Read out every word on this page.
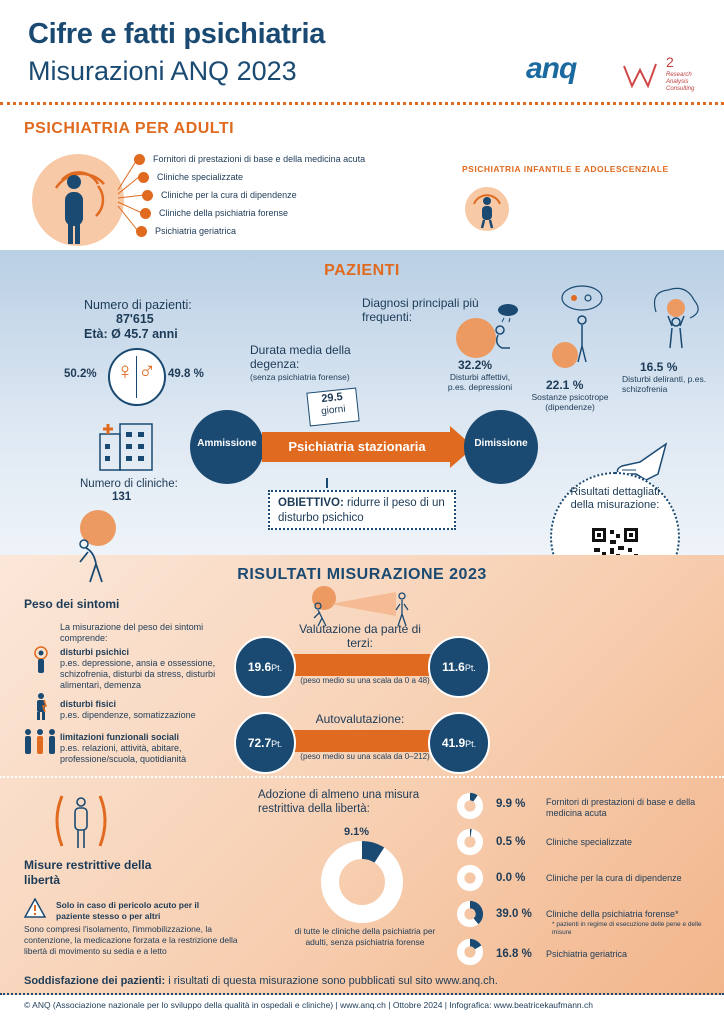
Cifre e fatti psichiatria
Misurazioni ANQ 2023	anq	2
Research Analysis Consulting
PSICHIATRIA PER ADULTI
Fornitori di prestazioni di base e della medicina acuta
Cliniche specializzate
Cliniche per la cura di dipendenze
Cliniche della psichiatria forense
Psichiatria geriatrica
PSICHIATRIA INFANTILE E ADOLESCENZIALE
PAZIENTI
Numero di pazienti:
87'615
Età: Ø 45.7 anni
♀ ♂
50.2%	49.8 %
Durata media della degenza:
(senza psichiatria forense)
29.5
giorni
Diagnosi principali più frequenti:
32.2%
Disturbi affettivi, p.es. depressioni	22.1 %
Sostanze psicotrope (dipendenze)
16.5 %
Disturbi deliranti, p.es. schizofrenia
Ammissione	Psichiatria stazionaria	Dimissione
Numero di cliniche:
131	OBIETTIVO: ridurre il peso di un disturbo psichico
Risultati dettagliati della misurazione:
RISULTATI MISURAZIONE 2023
Peso dei sintomi
La misurazione del peso dei sintomi comprende:
disturbi psichici
p.es. depressione, ansia e ossessione, schizofrenia, disturbi da stress, disturbi alimentari, demenza
disturbi fisici
p.es. dipendenze, somatizzazione
limitazioni funzionali sociali
p.es. relazioni, attività, abitare, professione/scuola, quotidianità
Valutazione da parte di terzi:
19.6Pt.	11.6Pt.
(peso medio su una scala da 0 a 48)
Autovalutazione:
72.7Pt.	41.9Pt.
(peso medio su una scala da 0–212)
Misure restrittive della libertà
Solo in caso di pericolo acuto per il paziente stesso o per altri
Sono compresi l'isolamento, l'immobilizzazione, la contenzione, la medicazione forzata e la restrizione della libertà di movimento su sedia e a letto
Adozione di almeno una misura restrittiva della libertà:
9.1%
di tutte le cliniche della psichiatria per adulti, senza psichiatria forense
9.9 % Fornitori di prestazioni di base e della medicina acuta
0.5 % Cliniche specializzate
0.0 % Cliniche per la cura di dipendenze
39.0 % Cliniche della psichiatria forense*
* pazienti in regime di esecuzione delle pene e delle misure
16.8 % Psichiatria geriatrica
Soddisfazione dei pazienti: i risultati di questa misurazione sono pubblicati sul sito www.anq.ch.
© ANQ (Associazione nazionale per lo sviluppo della qualità in ospedali e cliniche) | www.anq.ch | Ottobre 2024 | Infografica: www.beatricekaufmann.ch
